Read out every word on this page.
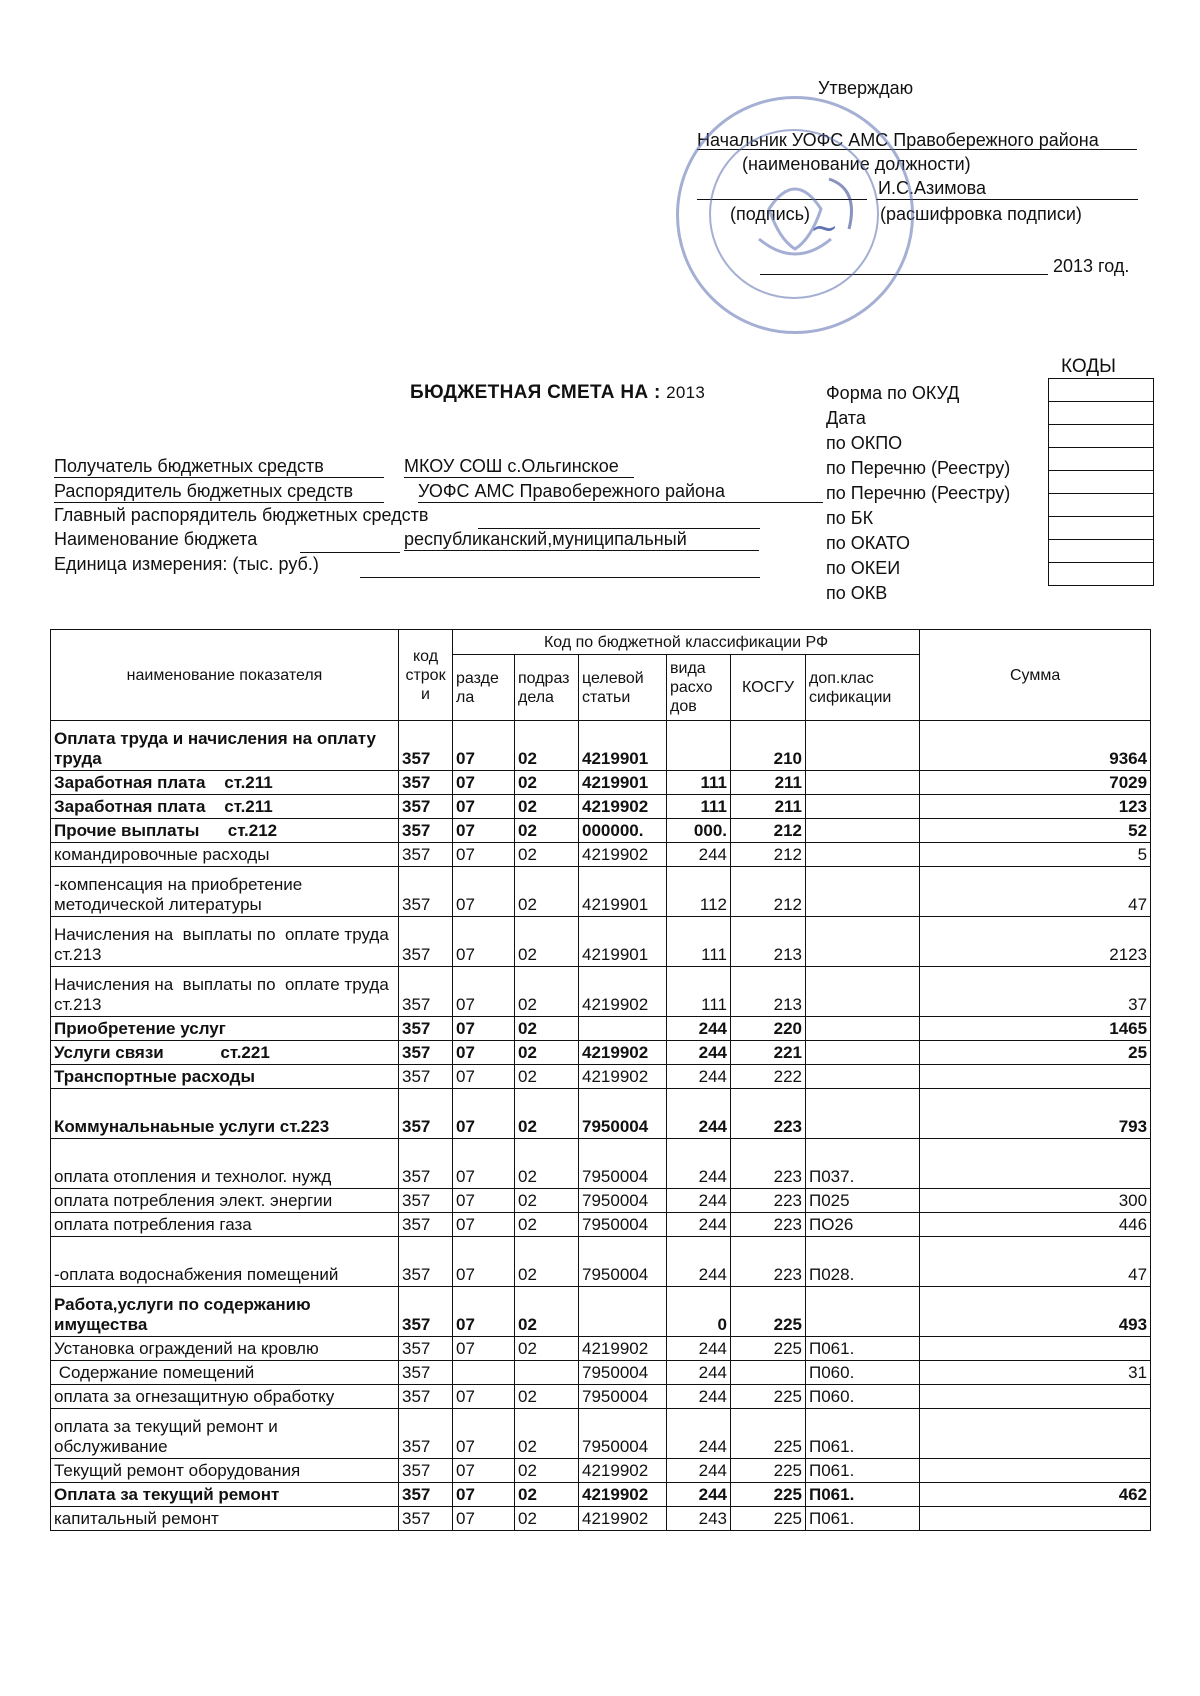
Утверждаю
Начальник УОФС АМС Правобережного района
(наименование должности)
И.С.Азимова
(подпись)	(расшифровка подписи)
2013 год.
~
БЮДЖЕТНАЯ СМЕТА НА : 2013
КОДЫ
Форма по ОКУД
Дата
по ОКПО
по Перечню (Реестру)
по Перечню (Реестру)
по БК
по ОКАТО
по ОКЕИ
по ОКВ
Получатель бюджетных средств	МКОУ СОШ с.Ольгинское
Распорядитель бюджетных средств	УОФС АМС Правобережного района
Главный распорядитель бюджетных средств
Наименование бюджета	республиканский,муниципальный
Единица измерения: (тыс. руб.)
наименование показателя	код строк и	Код по бюджетной классификации РФ						Сумма
		разде ла	подраз дела	целевой статьи	вида расхо дов	КОСГУ	доп.клас сификации	
Оплата труда и начисления на оплату труда	357	07	02	4219901		210		9364
Заработная плата    ст.211	357	07	02	4219901	111	211		7029
Заработная плата    ст.211	357	07	02	4219902	111	211		123
Прочие выплаты      ст.212	357	07	02	000000.	000.	212		52
командировочные расходы	357	07	02	4219902	244	212		5
-компенсация на приобретение методической литературы	357	07	02	4219901	112	212		47
Начисления на  выплаты по  оплате труда            ст.213	357	07	02	4219901	111	213		2123
Начисления на  выплаты по  оплате труда            ст.213	357	07	02	4219902	111	213		37
Приобретение услуг	357	07	02		244	220		1465
Услуги связи            ст.221	357	07	02	4219902	244	221		25
Транспортные расходы	357	07	02	4219902	244	222		
Коммунальнаьные услуги ст.223	357	07	02	7950004	244	223		793
оплата отопления и технолог. нужд	357	07	02	7950004	244	223	П037.	
оплата потребления элект. энергии	357	07	02	7950004	244	223	П025	300
оплата потребления газа	357	07	02	7950004	244	223	ПО26	446
-оплата водоснабжения помещений	357	07	02	7950004	244	223	П028.	47
Работа,услуги по содержанию имущества	357	07	02		0	225		493
Установка ограждений на кровлю	357	07	02	4219902	244	225	П061.	
Содержание помещений	357			7950004	244		П060.	31
оплата за огнезащитную обработку	357	07	02	7950004	244	225	П060.	
оплата за текущий ремонт и обслуживание	357	07	02	7950004	244	225	П061.	
Текущий ремонт оборудования	357	07	02	4219902	244	225	П061.	
Оплата за текущий ремонт	357	07	02	4219902	244	225	П061.	462
капитальный ремонт	357	07	02	4219902	243	225	П061.	
